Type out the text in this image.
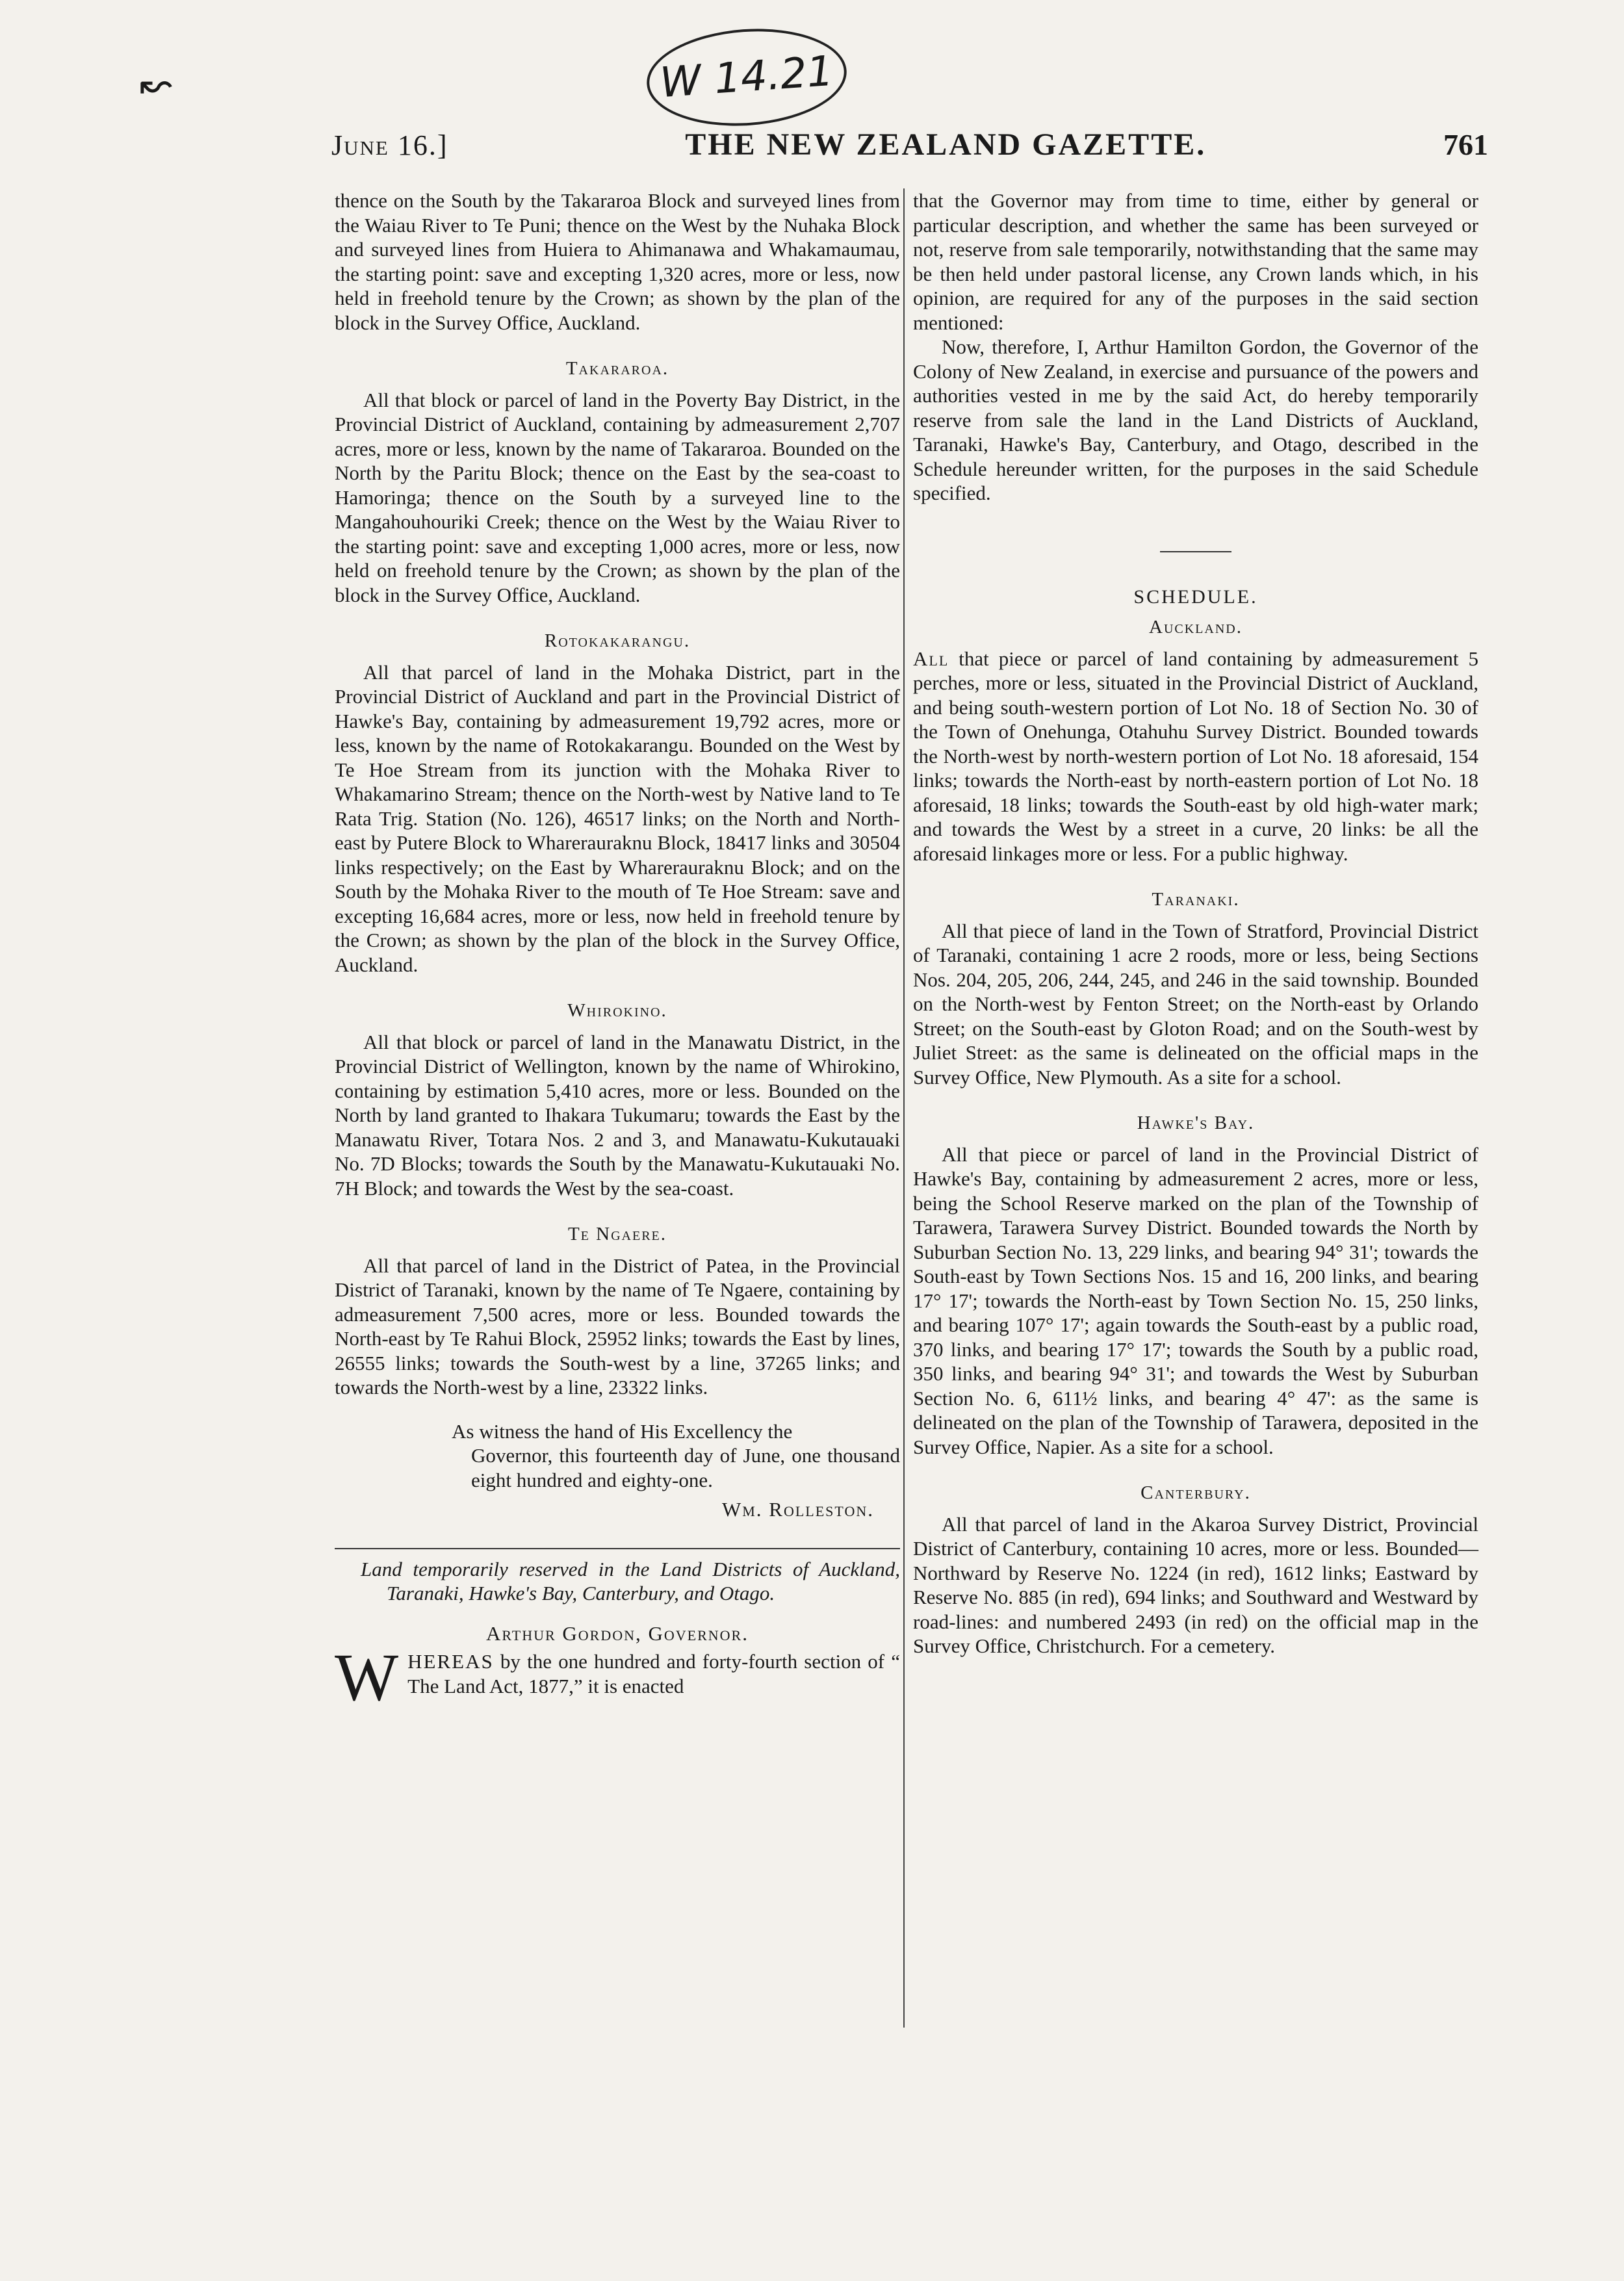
↜	W 14.21
June 16.]	THE NEW ZEALAND GAZETTE.	761

thence on the South by the Takararoa Block and surveyed lines from the Waiau River to Te Puni; thence on the West by the Nuhaka Block and surveyed lines from Huiera to Ahimanawa and Whakamaumau, the starting point: save and excepting 1,320 acres, more or less, now held in freehold tenure by the Crown; as shown by the plan of the block in the Survey Office, Auckland.

Takararoa.

All that block or parcel of land in the Poverty Bay District, in the Provincial District of Auckland, containing by admeasurement 2,707 acres, more or less, known by the name of Takararoa. Bounded on the North by the Paritu Block; thence on the East by the sea-coast to Hamoringa; thence on the South by a surveyed line to the Mangahouhouriki Creek; thence on the West by the Waiau River to the starting point: save and excepting 1,000 acres, more or less, now held on freehold tenure by the Crown; as shown by the plan of the block in the Survey Office, Auckland.

Rotokakarangu.

All that parcel of land in the Mohaka District, part in the Provincial District of Auckland and part in the Provincial District of Hawke's Bay, containing by admeasurement 19,792 acres, more or less, known by the name of Rotokakarangu. Bounded on the West by Te Hoe Stream from its junction with the Mohaka River to Whakamarino Stream; thence on the North-west by Native land to Te Rata Trig. Station (No. 126), 46517 links; on the North and North-east by Putere Block to Wharerauraknu Block, 18417 links and 30504 links respectively; on the East by Wharerauraknu Block; and on the South by the Mohaka River to the mouth of Te Hoe Stream: save and excepting 16,684 acres, more or less, now held in freehold tenure by the Crown; as shown by the plan of the block in the Survey Office, Auckland.

Whirokino.

All that block or parcel of land in the Manawatu District, in the Provincial District of Wellington, known by the name of Whirokino, containing by estimation 5,410 acres, more or less. Bounded on the North by land granted to Ihakara Tukumaru; towards the East by the Manawatu River, Totara Nos. 2 and 3, and Manawatu-Kukutauaki No. 7D Blocks; towards the South by the Manawatu-Kukutauaki No. 7H Block; and towards the West by the sea-coast.

Te Ngaere.

All that parcel of land in the District of Patea, in the Provincial District of Taranaki, known by the name of Te Ngaere, containing by admeasurement 7,500 acres, more or less. Bounded towards the North-east by Te Rahui Block, 25952 links; towards the East by lines, 26555 links; towards the South-west by a line, 37265 links; and towards the North-west by a line, 23322 links.

As witness the hand of His Excellency the

Governor, this fourteenth day of June, one thousand eight hundred and eighty-one.

Wm. Rolleston.

Land temporarily reserved in the Land Districts of Auckland, Taranaki, Hawke's Bay, Canterbury, and Otago.

Arthur Gordon, Governor.

WHEREAS by the one hundred and forty-fourth section of “ The Land Act, 1877,” it is enacted

that the Governor may from time to time, either by general or particular description, and whether the same has been surveyed or not, reserve from sale temporarily, notwithstanding that the same may be then held under pastoral license, any Crown lands which, in his opinion, are required for any of the purposes in the said section mentioned:

Now, therefore, I, Arthur Hamilton Gordon, the Governor of the Colony of New Zealand, in exercise and pursuance of the powers and authorities vested in me by the said Act, do hereby temporarily reserve from sale the land in the Land Districts of Auckland, Taranaki, Hawke's Bay, Canterbury, and Otago, described in the Schedule hereunder written, for the purposes in the said Schedule specified.

SCHEDULE.
Auckland.

All that piece or parcel of land containing by admeasurement 5 perches, more or less, situated in the Provincial District of Auckland, and being south-western portion of Lot No. 18 of Section No. 30 of the Town of Onehunga, Otahuhu Survey District. Bounded towards the North-west by north-western portion of Lot No. 18 aforesaid, 154 links; towards the North-east by north-eastern portion of Lot No. 18 aforesaid, 18 links; towards the South-east by old high-water mark; and towards the West by a street in a curve, 20 links: be all the aforesaid linkages more or less. For a public highway.

Taranaki.

All that piece of land in the Town of Stratford, Provincial District of Taranaki, containing 1 acre 2 roods, more or less, being Sections Nos. 204, 205, 206, 244, 245, and 246 in the said township. Bounded on the North-west by Fenton Street; on the North-east by Orlando Street; on the South-east by Gloton Road; and on the South-west by Juliet Street: as the same is delineated on the official maps in the Survey Office, New Plymouth. As a site for a school.

Hawke's Bay.

All that piece or parcel of land in the Provincial District of Hawke's Bay, containing by admeasurement 2 acres, more or less, being the School Reserve marked on the plan of the Township of Tarawera, Tarawera Survey District. Bounded towards the North by Suburban Section No. 13, 229 links, and bearing 94° 31'; towards the South-east by Town Sections Nos. 15 and 16, 200 links, and bearing 17° 17'; towards the North-east by Town Section No. 15, 250 links, and bearing 107° 17'; again towards the South-east by a public road, 370 links, and bearing 17° 17'; towards the South by a public road, 350 links, and bearing 94° 31'; and towards the West by Suburban Section No. 6, 611½ links, and bearing 4° 47': as the same is delineated on the plan of the Township of Tarawera, deposited in the Survey Office, Napier. As a site for a school.

Canterbury.

All that parcel of land in the Akaroa Survey District, Provincial District of Canterbury, containing 10 acres, more or less. Bounded—Northward by Reserve No. 1224 (in red), 1612 links; Eastward by Reserve No. 885 (in red), 694 links; and Southward and Westward by road-lines: and numbered 2493 (in red) on the official map in the Survey Office, Christchurch. For a cemetery.
